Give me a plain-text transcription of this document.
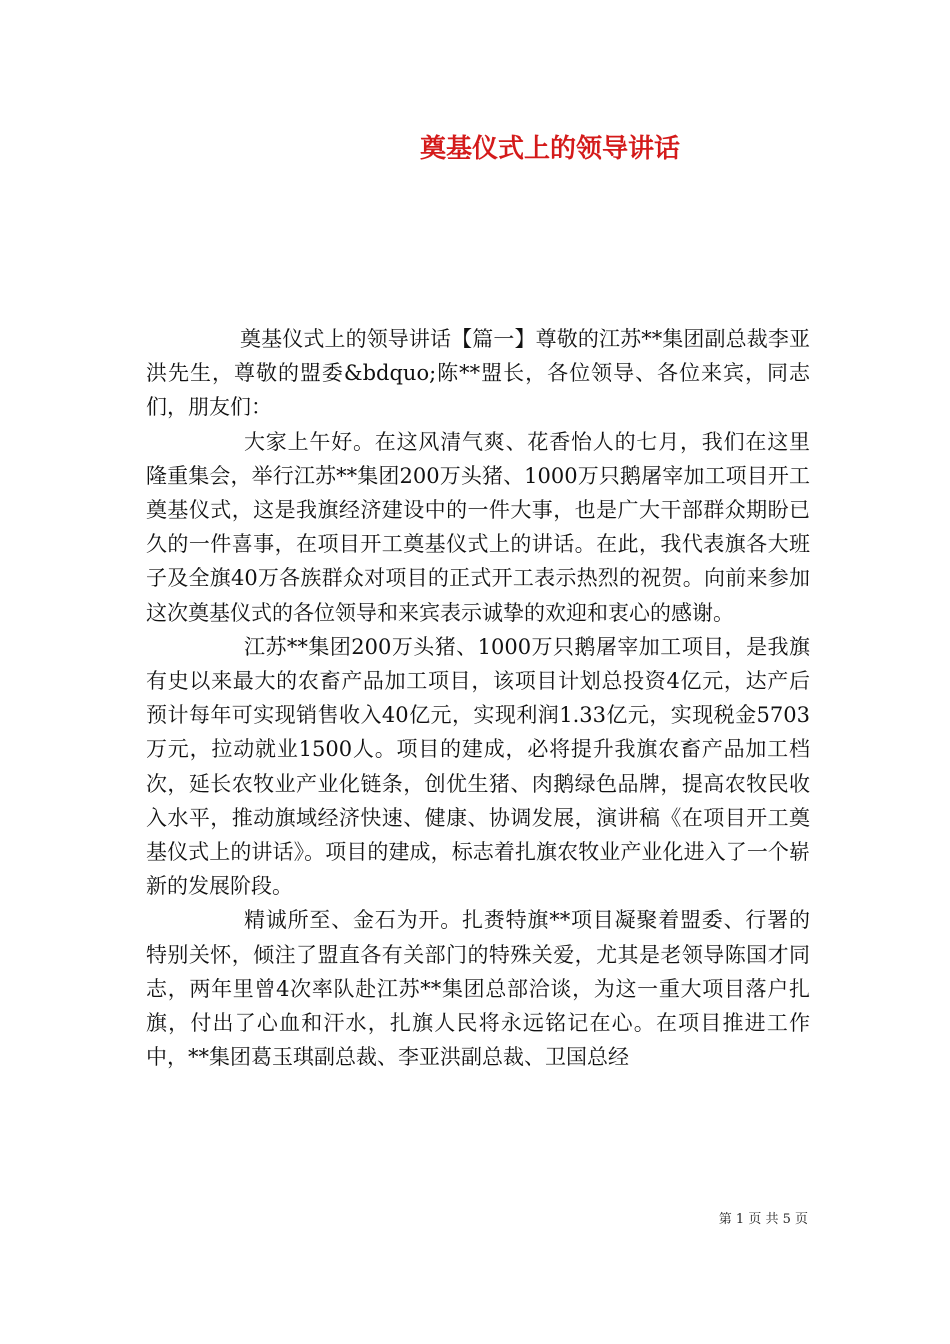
奠基仪式上的领导讲话

奠基仪式上的领导讲话【篇一】尊敬的江苏**集团副总裁李亚洪先生，尊敬的盟委&bdquo;陈**盟长，各位领导、各位来宾，同志们，朋友们：

大家上午好。在这风清气爽、花香怡人的七月，我们在这里隆重集会，举行江苏**集团200万头猪、1000万只鹅屠宰加工项目开工奠基仪式，这是我旗经济建设中的一件大事，也是广大干部群众期盼已久的一件喜事，在项目开工奠基仪式上的讲话。在此，我代表旗各大班子及全旗40万各族群众对项目的正式开工表示热烈的祝贺。向前来参加这次奠基仪式的各位领导和来宾表示诚挚的欢迎和衷心的感谢。

江苏**集团200万头猪、1000万只鹅屠宰加工项目，是我旗有史以来最大的农畜产品加工项目，该项目计划总投资4亿元，达产后预计每年可实现销售收入40亿元，实现利润1.33亿元，实现税金5703万元，拉动就业1500人。项目的建成，必将提升我旗农畜产品加工档次，延长农牧业产业化链条，创优生猪、肉鹅绿色品牌，提高农牧民收入水平，推动旗域经济快速、健康、协调发展，演讲稿《在项目开工奠基仪式上的讲话》。项目的建成，标志着扎旗农牧业产业化进入了一个崭新的发展阶段。

精诚所至、金石为开。扎赉特旗**项目凝聚着盟委、行署的特别关怀，倾注了盟直各有关部门的特殊关爱，尤其是老领导陈国才同志，两年里曾4次率队赴江苏**集团总部洽谈，为这一重大项目落户扎旗，付出了心血和汗水，扎旗人民将永远铭记在心。在项目推进工作中，**集团葛玉琪副总裁、李亚洪副总裁、卫国总经

第 1 页 共 5 页
